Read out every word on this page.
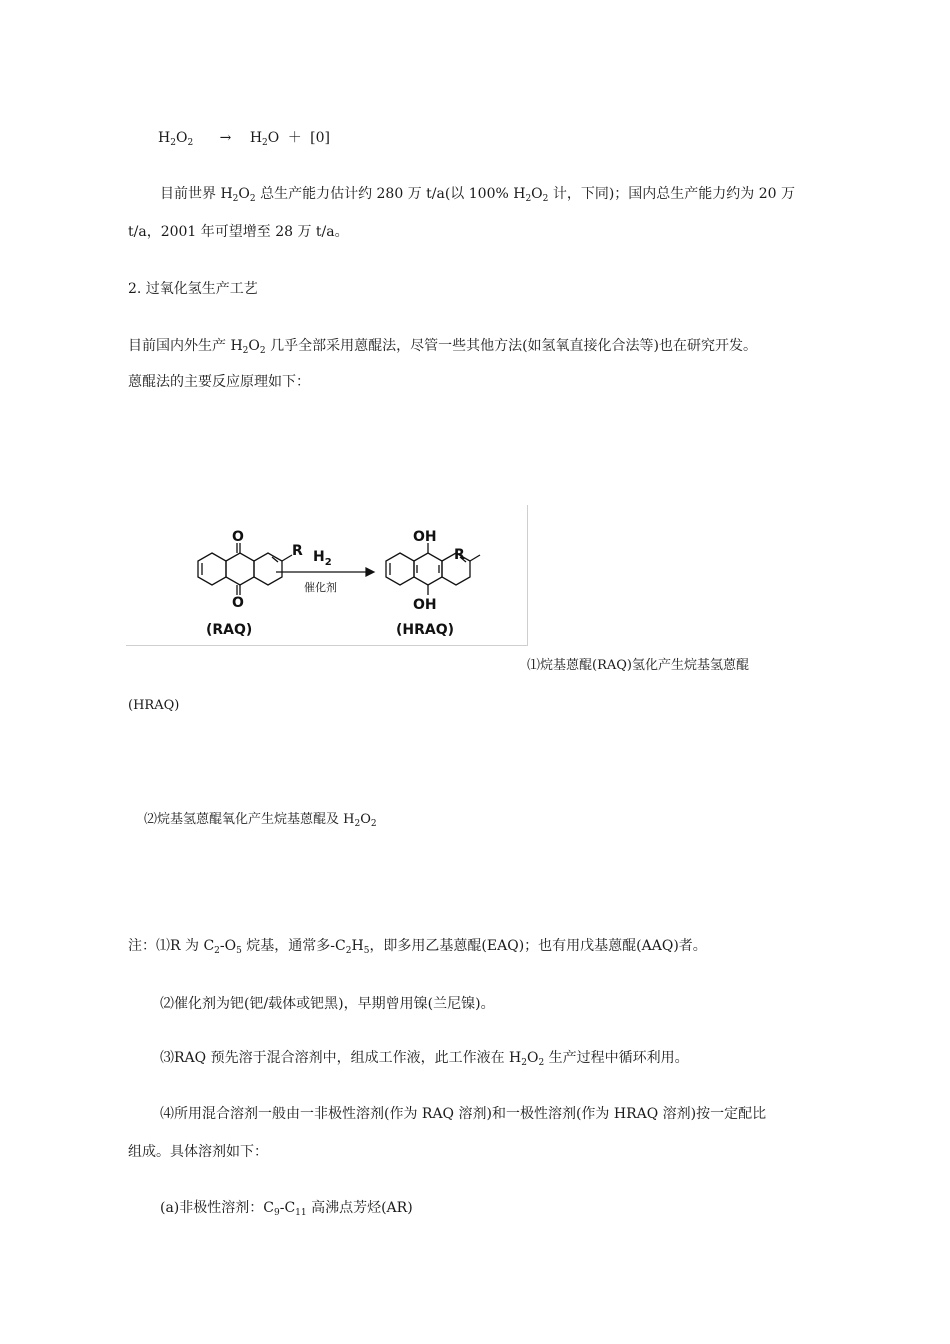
$H_2O_2 \to H_2O + [0]$
目前世界 $H_2O_2$ 总生产能力估计约 280 万 t/a(以 100% $H_2O_2$ 计，下同)；国内总生产能力约为 20 万
t/a，2001 年可望增至 28 万 t/a。
2. 过氧化氢生产工艺
目前国内外生产 $H_2O_2$ 几乎全部采用蒽醌法，尽管一些其他方法(如氢氧直接化合法等)也在研究开发。
蒽醌法的主要反应原理如下：
O
O
R
(RAQ)
$H_2$
催化剂
OH
OH
R
(HRAQ)
⑴烷基蒽醌(RAQ)氢化产生烷基氢蒽醌
(HRAQ)
⑵烷基氢蒽醌氧化产生烷基蒽醌及 $H_2O_2$
注：⑴R 为 $C_2-O_5$ 烷基，通常多$-C_2H_5$，即多用乙基蒽醌(EAQ)；也有用戊基蒽醌(AAQ)者。
⑵催化剂为钯(钯/载体或钯黑)，早期曾用镍(兰尼镍)。
⑶RAQ 预先溶于混合溶剂中，组成工作液，此工作液在 $H_2O_2$ 生产过程中循环利用。
⑷所用混合溶剂一般由一非极性溶剂(作为 RAQ 溶剂)和一极性溶剂(作为 HRAQ 溶剂)按一定配比
组成。具体溶剂如下：
(a)非极性溶剂：$C_9-C_{11}$ 高沸点芳烃(AR)
